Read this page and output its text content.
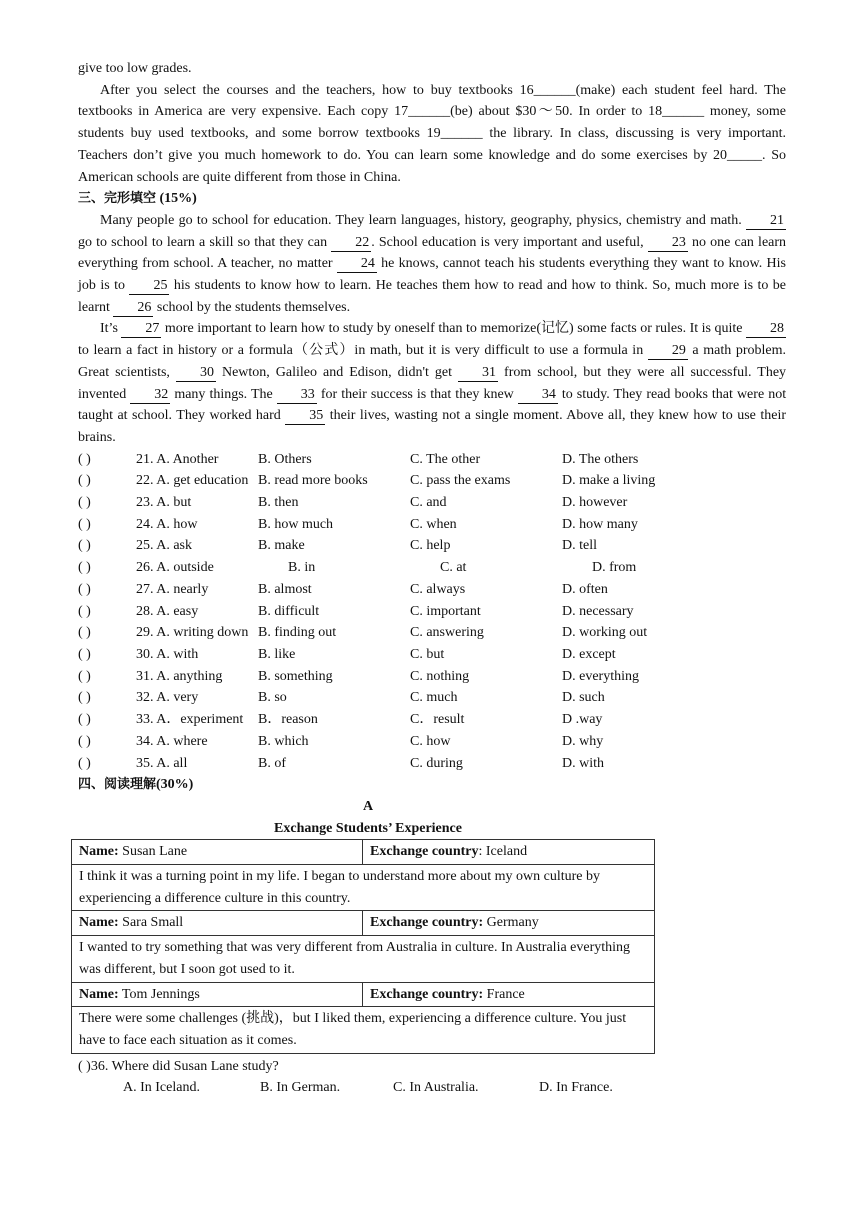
give too low grades.

After you select the courses and the teachers, how to buy textbooks 16______(make) each student feel hard. The textbooks in America are very expensive. Each copy 17______(be) about $30～50. In order to 18______ money, some students buy used textbooks, and some borrow textbooks 19______ the library. In class, discussing is very important. Teachers don’t give you much homework to do. You can learn some knowledge and do some exercises by 20_____. So American schools are quite different from those in China.

三、完形填空 (15%)

Many people go to school for education. They learn languages, history, geography, physics, chemistry and math. 21 go to school to learn a skill so that they can 22 . School education is very important and useful, 23 no one can learn everything from school. A teacher, no matter 24 he knows, cannot teach his students everything they want to know. His job is to 25 his students to know how to learn. He teaches them how to read and how to think. So, much more is to be learnt 26 school by the students themselves.

It’s 27 more important to learn how to study by oneself than to memorize(记忆) some facts or rules. It is quite 28 to learn a fact in history or a formula（公式）in math, but it is very difficult to use a formula in 29 a math problem. Great scientists, 30 Newton, Galileo and Edison, didn't get 31 from school, but they were all successful. They invented 32 many things. The 33 for their success is that they knew 34 to study. They read books that were not taught at school. They worked hard 35 their lives, wasting not a single moment. Above all, they knew how to use their brains.

( )	21. A. Another	B. Others	C. The other	D. The others
( )	22. A. get education	B. read more books	C. pass the exams	D. make a living
( )	23. A. but	B. then	C. and	D. however
( )	24. A. how	B. how much	C. when	D. how many
( )	25. A. ask	B. make	C. help	D. tell
( )	26. A. outside	B. in	C. at	D. from
( )	27. A. nearly	B. almost	C. always	D. often
( )	28. A. easy	B. difficult	C. important	D. necessary
( )	29. A. writing down	B. finding out	C. answering	D. working out
( )	30. A. with	B. like	C. but	D. except
( )	31. A. anything	B. something	C. nothing	D. everything
( )	32. A. very	B. so	C. much	D. such
( )	33. A．experiment	B．reason	C．result	D .way
( )	34. A. where	B. which	C. how	D. why
( )	35. A. all	B. of	C. during	D. with

四、阅读理解(30%)

A
Exchange Students’ Experience
Name: Susan Lane	Exchange country: Iceland
I think it was a turning point in my life. I began to understand more about my own culture by experiencing a difference culture in this country.	
Name: Sara Small	Exchange country: Germany
I wanted to try something that was very different from Australia in culture. In Australia everything was different, but I soon got used to it.	
Name: Tom Jennings	Exchange country: France
There were some challenges (挑战)，but I liked them, experiencing a difference culture. You just have to face each situation as it comes.	

( )36. Where did Susan Lane study?

A. In Iceland.	B. In German.	C. In Australia.	D. In France.
